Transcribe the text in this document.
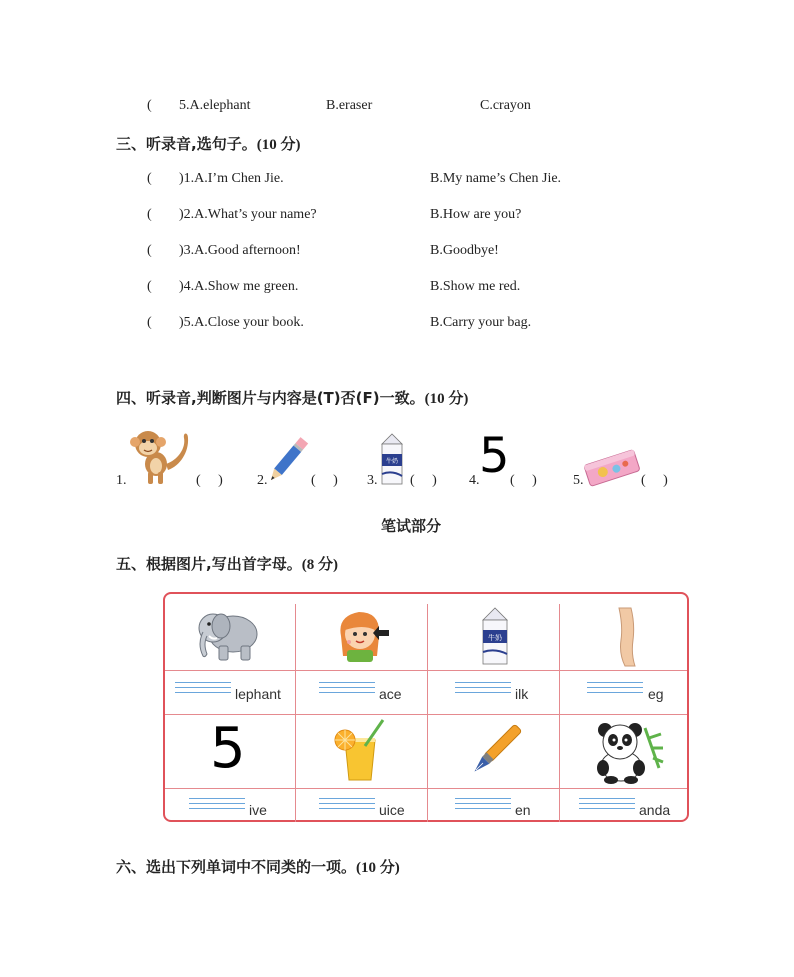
( 5.A.elephant	B.eraser	C.crayon
三、听录音,选句子。(10 分)
( )1.A.I’m Chen Jie.	B.My name’s Chen Jie.
( )2.A.What’s your name?	B.How are you?
( )3.A.Good afternoon!	B.Goodbye!
( )4.A.Show me green.	B.Show me red.
( )5.A.Close your book.	B.Carry your bag.
四、听录音,判断图片与内容是(T)否(F)一致。(10 分)
1.	( ) 2.	( ) 3.
牛奶
( ) 4. 5 ( )	5.	( )
笔试部分
五、根据图片,写出首字母。(8 分)
牛奶
lephant	ace	ilk	eg
5
ive	uice	en	anda
六、选出下列单词中不同类的一项。(10 分)
